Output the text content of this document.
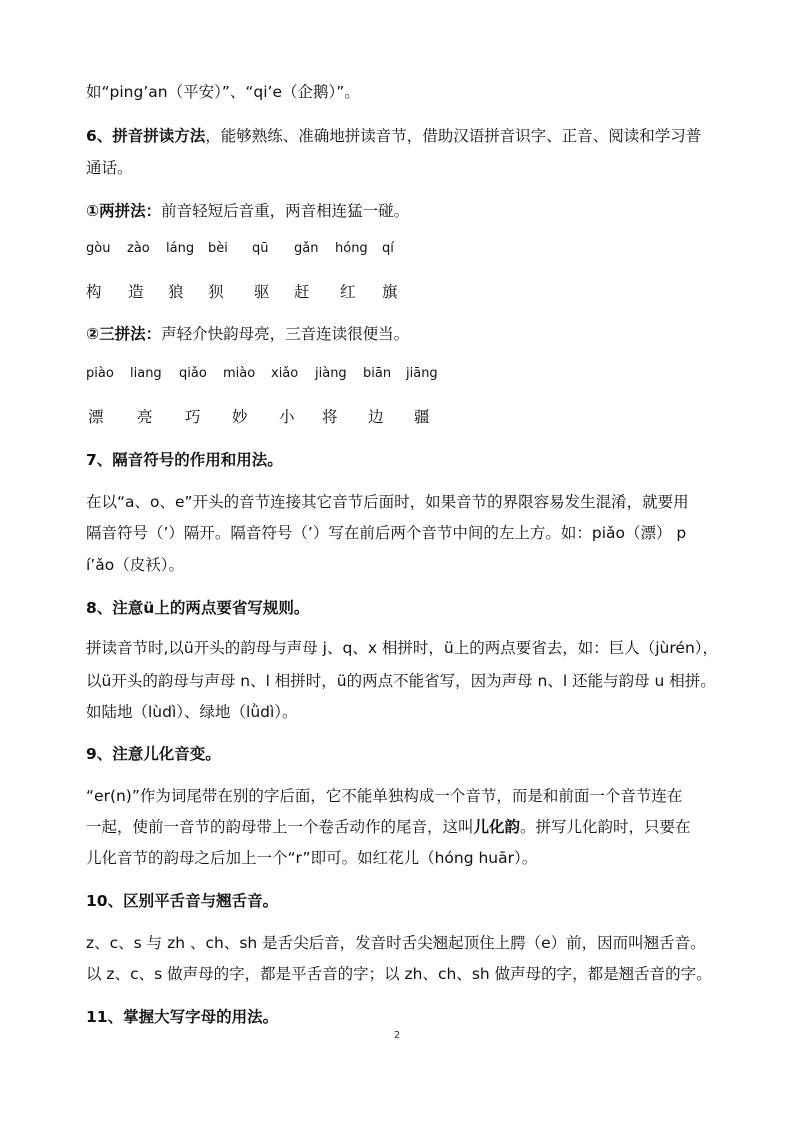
如“ping’an（平安）”、“qi’e（企鹅）”。
6、拼音拼读方法，能够熟练、准确地拼读音节，借助汉语拼音识字、正音、阅读和学习普
通话。
①两拼法：前音轻短后音重，两音相连猛一碰。
gòu zào láng bèi qū gǎn hóng qí
构 造 狼 狈 驱 赶 红 旗
②三拼法：声轻介快韵母亮，三音连读很便当。
piào liang qiǎo miào xiǎo jiàng biān jiāng
漂 亮 巧 妙 小 将 边 疆
7、隔音符号的作用和用法。
在以“a、o、e”开头的音节连接其它音节后面时，如果音节的界限容易发生混淆，就要用
隔音符号（’）隔开。隔音符号（’）写在前后两个音节中间的左上方。如：piǎo（漂） p
í’ǎo（皮袄）。
8、注意ü上的两点要省写规则。
拼读音节时,以ü开头的韵母与声母 j、q、x 相拼时，ü上的两点要省去，如：巨人（jùrén），
以ü开头的韵母与声母 n、l 相拼时，ü的两点不能省写，因为声母 n、l 还能与韵母 u 相拼。
如陆地（lùdì）、绿地（lǜdì）。
9、注意儿化音变。
“er(n)”作为词尾带在别的字后面，它不能单独构成一个音节，而是和前面一个音节连在
一起，使前一音节的韵母带上一个卷舌动作的尾音，这叫儿化韵。拼写儿化韵时，只要在
儿化音节的韵母之后加上一个“r”即可。如红花儿（hóng huār）。
10、区别平舌音与翘舌音。
z、c、s 与 zh 、ch、sh 是舌尖后音，发音时舌尖翘起顶住上腭（e）前，因而叫翘舌音。
以 z、c、s 做声母的字，都是平舌音的字；以 zh、ch、sh 做声母的字，都是翘舌音的字。
11、掌握大写字母的用法。
2
